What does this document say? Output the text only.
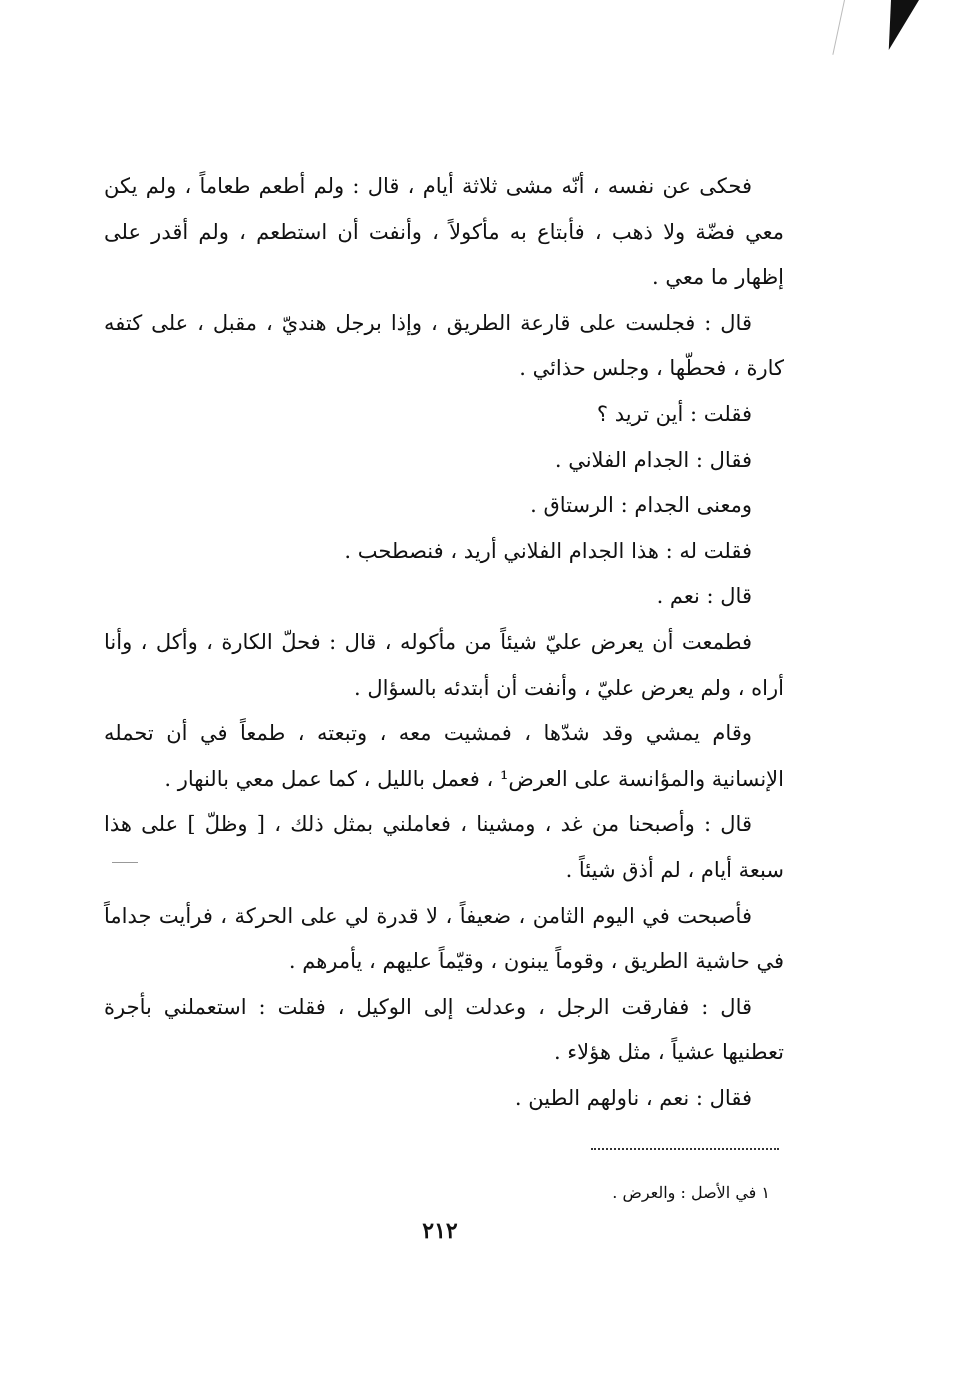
فحكى عن نفسه ، أنّه مشى ثلاثة أيام ، قال : ولم أطعم طعاماً ، ولم يكن معي فضّة ولا ذهب ، فأبتاع به مأكولاً ، وأنفت أن استطعم ، ولم أقدر على إظهار ما معي .

قال : فجلست على قارعة الطريق ، وإذا برجل هنديّ ، مقبل ، على كتفه كارة ، فحطّها ، وجلس حذائي .

فقلت : أين تريد ؟

فقال : الجدام الفلاني .

ومعنى الجدام : الرستاق .

فقلت له : هذا الجدام الفلاني أريد ، فنصطحب .

قال : نعم .

فطمعت أن يعرض عليّ شيئاً من مأكوله ، قال : فحلّ الكارة ، وأكل ، وأنا أراه ، ولم يعرض عليّ ، وأنفت أن أبتدئه بالسؤال .

وقام يمشي وقد شدّها ، فمشيت معه ، وتبعته ، طمعاً في أن تحمله الإنسانية والمؤانسة على العرض¹ ، فعمل بالليل ، كما عمل معي بالنهار .

قال : وأصبحنا من غد ، ومشينا ، فعاملني بمثل ذلك ، [ وظلّ ] على هذا سبعة أيام ، لم أذق شيئاً .

فأصبحت في اليوم الثامن ، ضعيفاً ، لا قدرة لي على الحركة ، فرأيت جداماً في حاشية الطريق ، وقوماً يبنون ، وقيّماً عليهم ، يأمرهم .

قال : ففارقت الرجل ، وعدلت إلى الوكيل ، فقلت : استعملني بأجرة تعطنيها عشياً ، مثل هؤلاء .

فقال : نعم ، ناولهم الطين .

١ في الأصل : والعرض .

٢١٢
